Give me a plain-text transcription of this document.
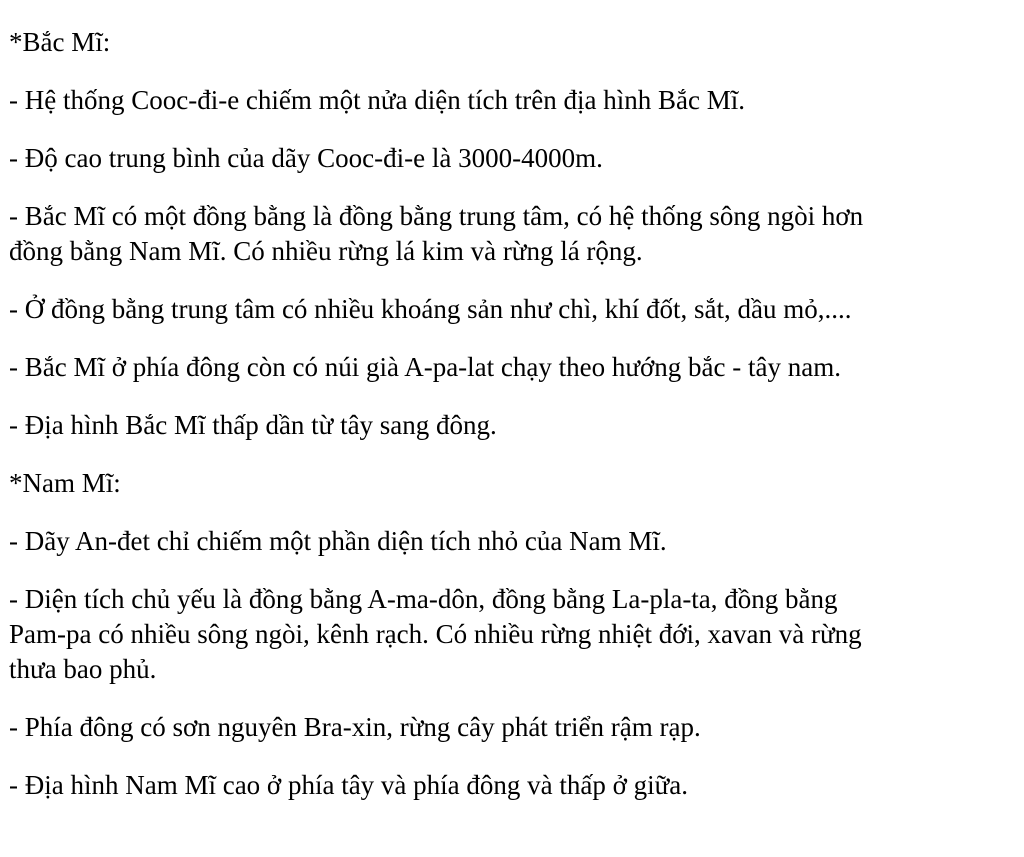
*Bắc Mĩ:

- Hệ thống Cooc-đi-e chiếm một nửa diện tích trên địa hình Bắc Mĩ.

- Độ cao trung bình của dãy Cooc-đi-e là 3000-4000m.

- Bắc Mĩ có một đồng bằng là đồng bằng trung tâm, có hệ thống sông ngòi hơn

đồng bằng Nam Mĩ. Có nhiều rừng lá kim và rừng lá rộng.

- Ở đồng bằng trung tâm có nhiều khoáng sản như chì, khí đốt, sắt, dầu mỏ,....

- Bắc Mĩ ở phía đông còn có núi già A-pa-lat chạy theo hướng bắc - tây nam.

- Địa hình Bắc Mĩ thấp dần từ tây sang đông.

*Nam Mĩ:

- Dãy An-đet chỉ chiếm một phần diện tích nhỏ của Nam Mĩ.

- Diện tích chủ yếu là đồng bằng A-ma-dôn, đồng bằng La-pla-ta, đồng bằng

Pam-pa có nhiều sông ngòi, kênh rạch. Có nhiều rừng nhiệt đới, xavan và rừng

thưa bao phủ.

- Phía đông có sơn nguyên Bra-xin, rừng cây phát triển rậm rạp.

- Địa hình Nam Mĩ cao ở phía tây và phía đông và thấp ở giữa.
